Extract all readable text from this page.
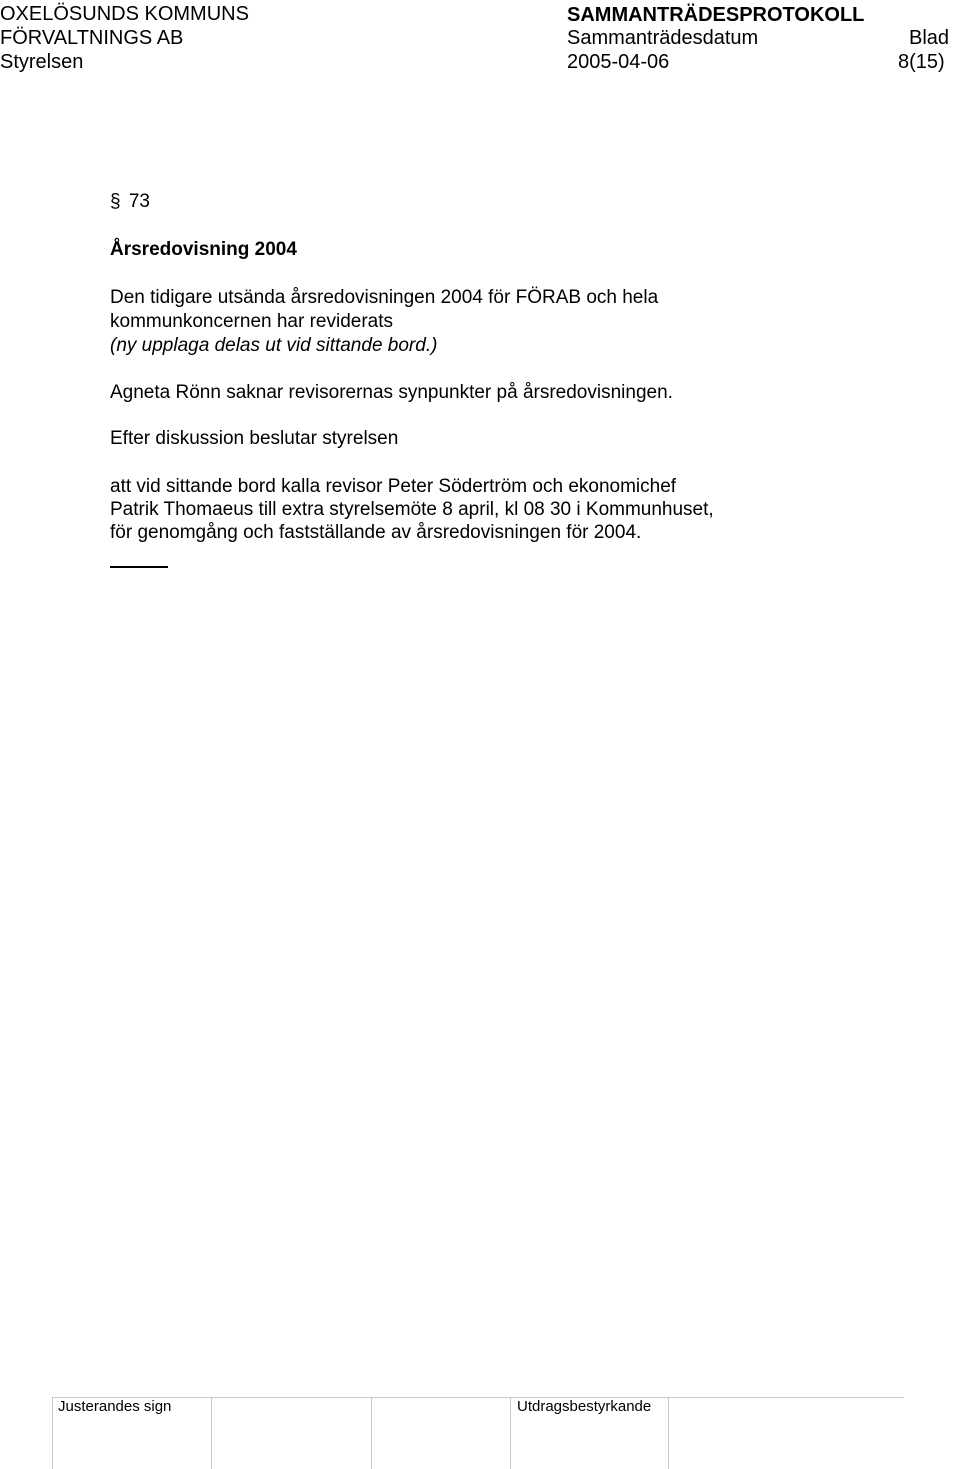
OXELÖSUNDS KOMMUNS
FÖRVALTNINGS AB
Styrelsen
SAMMANTRÄDESPROTOKOLL
Sammanträdesdatum
2005-04-06
Blad
8(15)
§ 73
Årsredovisning 2004
Den tidigare utsända årsredovisningen 2004 för FÖRAB och hela
kommunkoncernen har reviderats
(ny upplaga delas ut vid sittande bord.)
Agneta Rönn saknar revisorernas synpunkter på årsredovisningen.
Efter diskussion beslutar styrelsen
att vid sittande bord kalla revisor Peter Södertröm och ekonomichef
Patrik Thomaeus till extra styrelsemöte 8 april, kl 08 30 i Kommunhuset,
för genomgång och fastställande av årsredovisningen för 2004.
Justerandes sign	Utdragsbestyrkande
